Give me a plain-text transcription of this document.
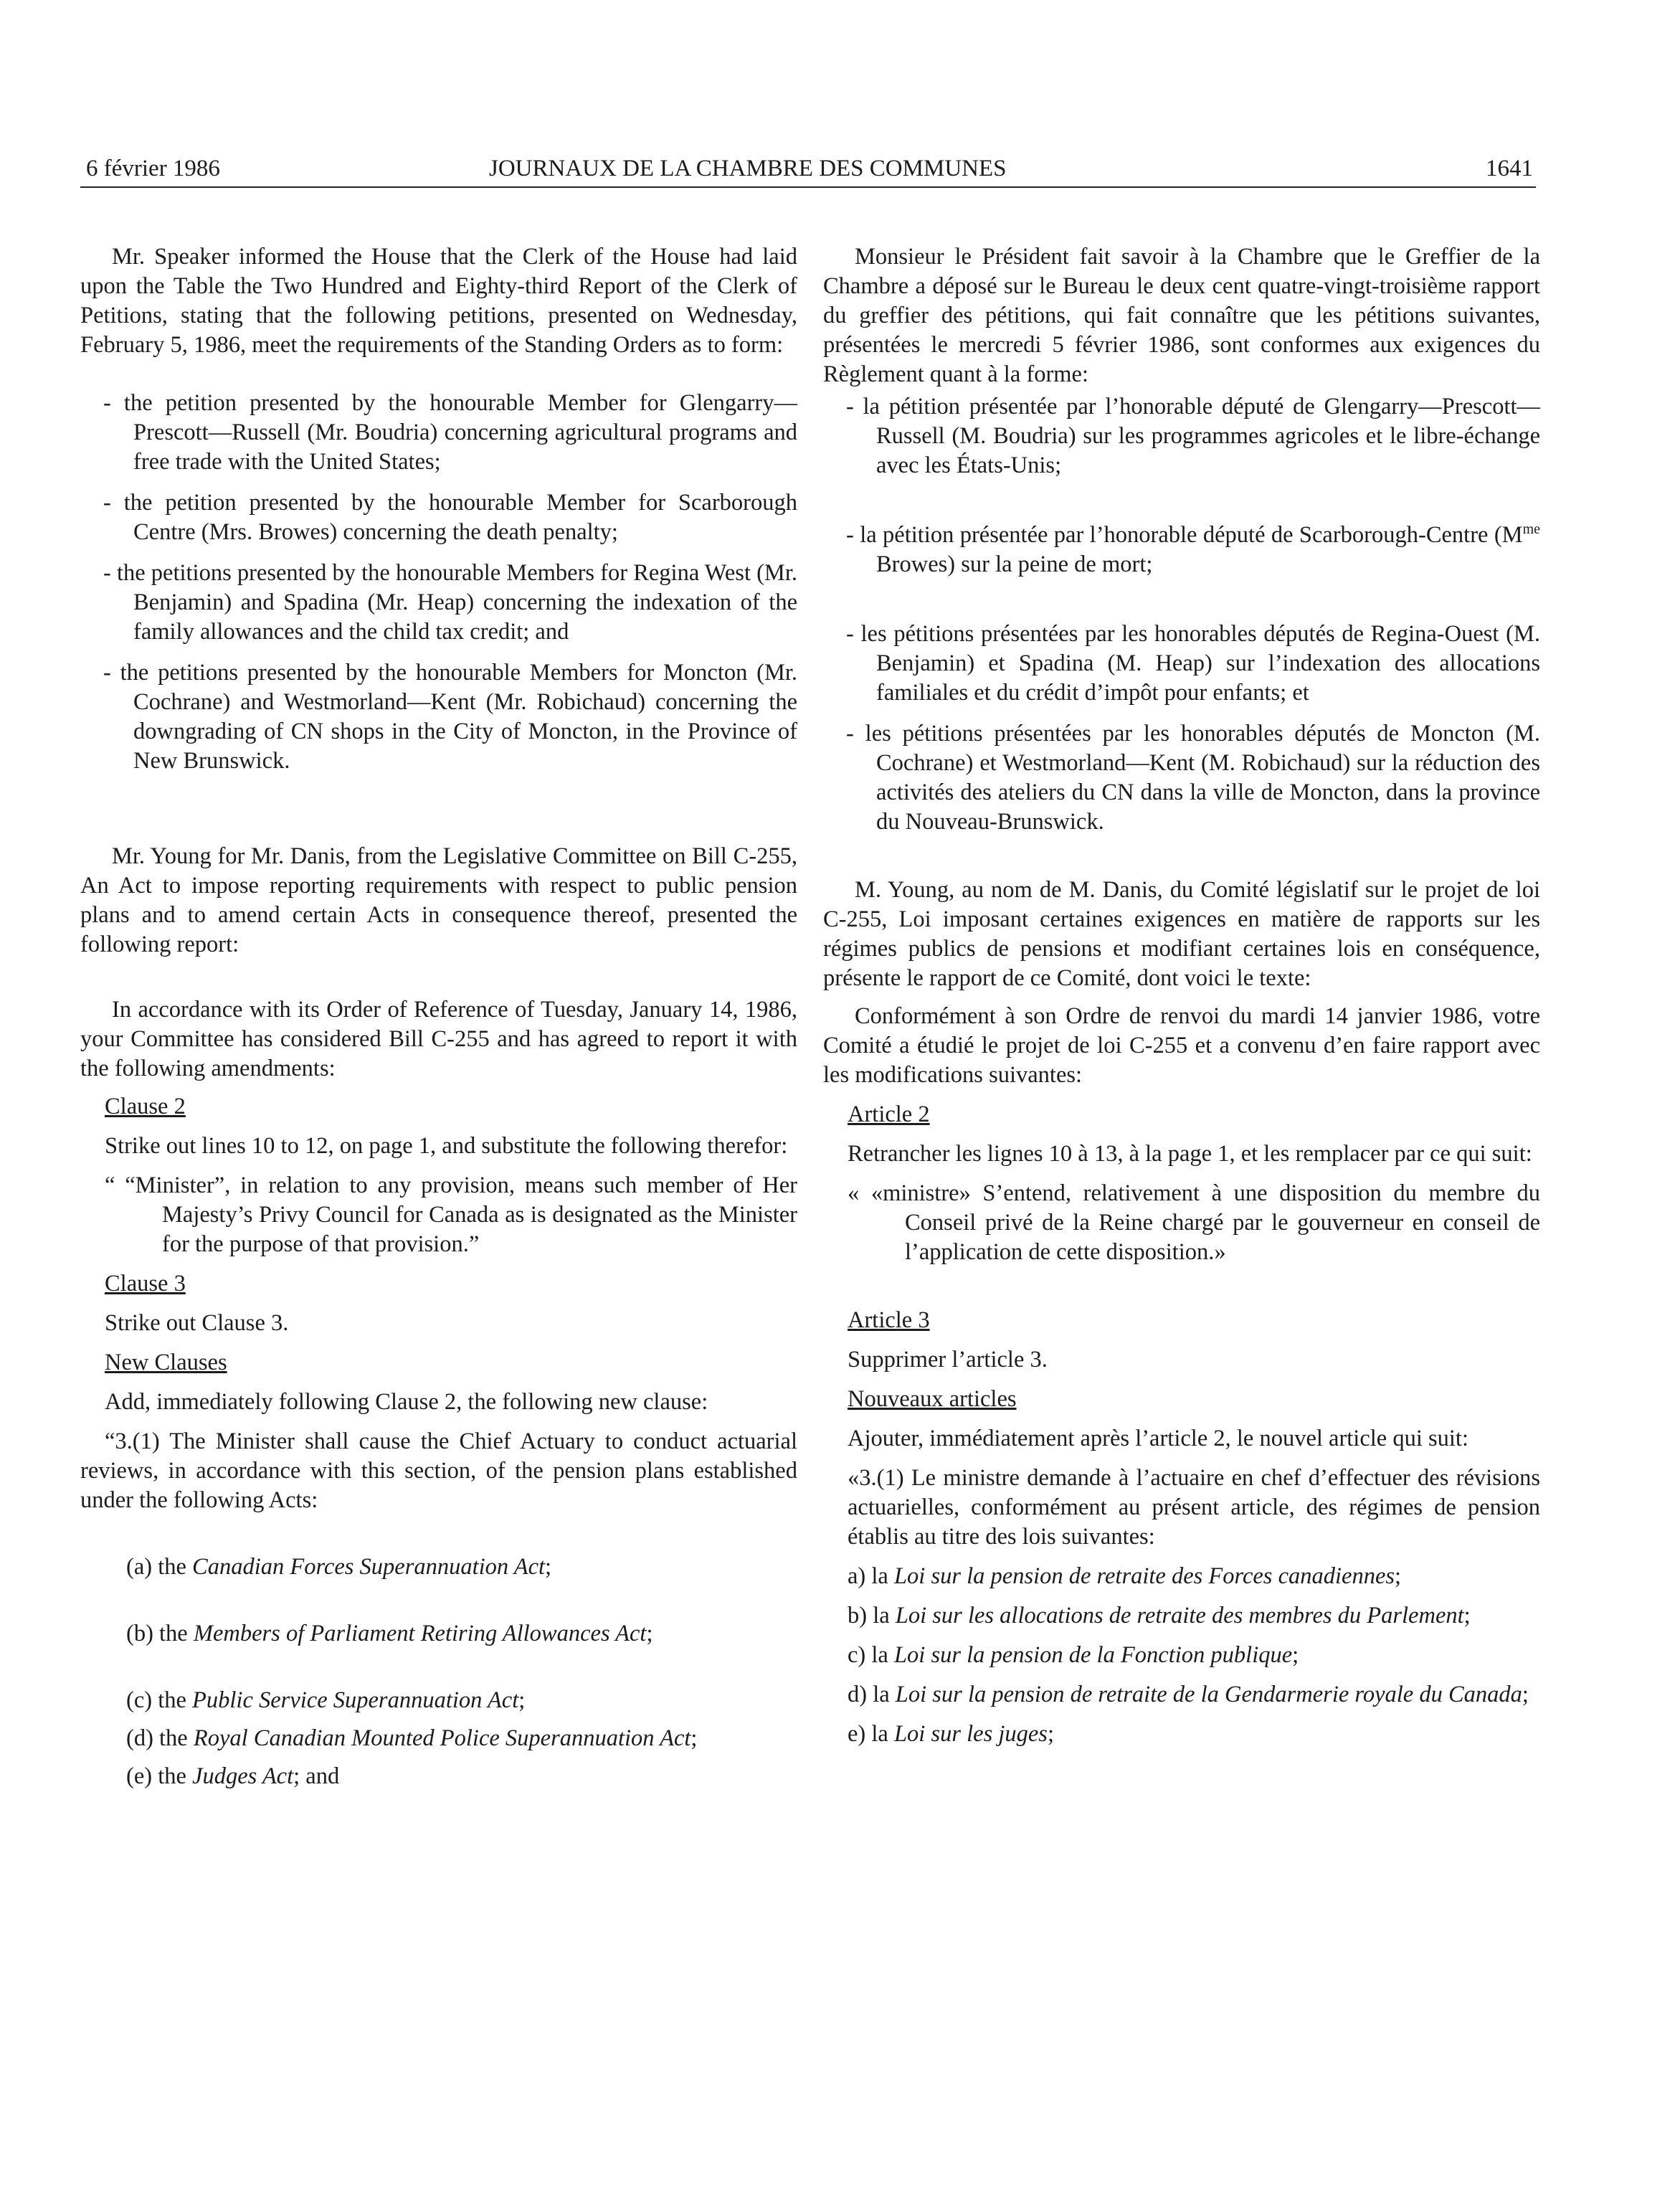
6 février 1986	JOURNAUX DE LA CHAMBRE DES COMMUNES	1641

Mr. Speaker informed the House that the Clerk of the House had laid upon the Table the Two Hundred and Eighty-third Report of the Clerk of Petitions, stating that the following petitions, presented on Wednesday, February 5, 1986, meet the requirements of the Standing Orders as to form:

- the petition presented by the honourable Member for Glengarry—Prescott—Russell (Mr. Boudria) concerning agricultural programs and free trade with the United States;

- the petition presented by the honourable Member for Scarborough Centre (Mrs. Browes) concerning the death penalty;

- the petitions presented by the honourable Members for Regina West (Mr. Benjamin) and Spadina (Mr. Heap) concerning the indexation of the family allowances and the child tax credit; and

- the petitions presented by the honourable Members for Moncton (Mr. Cochrane) and Westmorland—Kent (Mr. Robichaud) concerning the downgrading of CN shops in the City of Moncton, in the Province of New Brunswick.

Mr. Young for Mr. Danis, from the Legislative Committee on Bill C-255, An Act to impose reporting requirements with respect to public pension plans and to amend certain Acts in consequence thereof, presented the following report:

In accordance with its Order of Reference of Tuesday, January 14, 1986, your Committee has considered Bill C-255 and has agreed to report it with the following amendments:

Clause 2

Strike out lines 10 to 12, on page 1, and substitute the following therefor:

“ “Minister”, in relation to any provision, means such member of Her Majesty’s Privy Council for Canada as is designated as the Minister for the purpose of that provision.”

Clause 3

Strike out Clause 3.

New Clauses

Add, immediately following Clause 2, the following new clause:

“3.(1) The Minister shall cause the Chief Actuary to conduct actuarial reviews, in accordance with this section, of the pension plans established under the following Acts:

(a) the Canadian Forces Superannuation Act;

(b) the Members of Parliament Retiring Allowances Act;

(c) the Public Service Superannuation Act;

(d) the Royal Canadian Mounted Police Superannuation Act;

(e) the Judges Act; and

Monsieur le Président fait savoir à la Chambre que le Greffier de la Chambre a déposé sur le Bureau le deux cent quatre-vingt-troisième rapport du greffier des pétitions, qui fait connaître que les pétitions suivantes, présentées le mercredi 5 février 1986, sont conformes aux exigences du Règlement quant à la forme:

- la pétition présentée par l’honorable député de Glengarry—Prescott—Russell (M. Boudria) sur les programmes agricoles et le libre-échange avec les États-Unis;

- la pétition présentée par l’honorable député de Scarborough-Centre ($M^{me}$ Browes) sur la peine de mort;

- les pétitions présentées par les honorables députés de Regina-Ouest (M. Benjamin) et Spadina (M. Heap) sur l’indexation des allocations familiales et du crédit d’impôt pour enfants; et

- les pétitions présentées par les honorables députés de Moncton (M. Cochrane) et Westmorland—Kent (M. Robichaud) sur la réduction des activités des ateliers du CN dans la ville de Moncton, dans la province du Nouveau-Brunswick.

M. Young, au nom de M. Danis, du Comité législatif sur le projet de loi C-255, Loi imposant certaines exigences en matière de rapports sur les régimes publics de pensions et modifiant certaines lois en conséquence, présente le rapport de ce Comité, dont voici le texte:

Conformément à son Ordre de renvoi du mardi 14 janvier 1986, votre Comité a étudié le projet de loi C-255 et a convenu d’en faire rapport avec les modifications suivantes:

Article 2

Retrancher les lignes 10 à 13, à la page 1, et les remplacer par ce qui suit:

« «ministre» S’entend, relativement à une disposition du membre du Conseil privé de la Reine chargé par le gouverneur en conseil de l’application de cette disposition.»

Article 3

Supprimer l’article 3.

Nouveaux articles

Ajouter, immédiatement après l’article 2, le nouvel article qui suit:

«3.(1) Le ministre demande à l’actuaire en chef d’effectuer des révisions actuarielles, conformément au présent article, des régimes de pension établis au titre des lois suivantes:

a) la Loi sur la pension de retraite des Forces canadiennes;

b) la Loi sur les allocations de retraite des membres du Parlement;

c) la Loi sur la pension de la Fonction publique;

d) la Loi sur la pension de retraite de la Gendarmerie royale du Canada;

e) la Loi sur les juges;
